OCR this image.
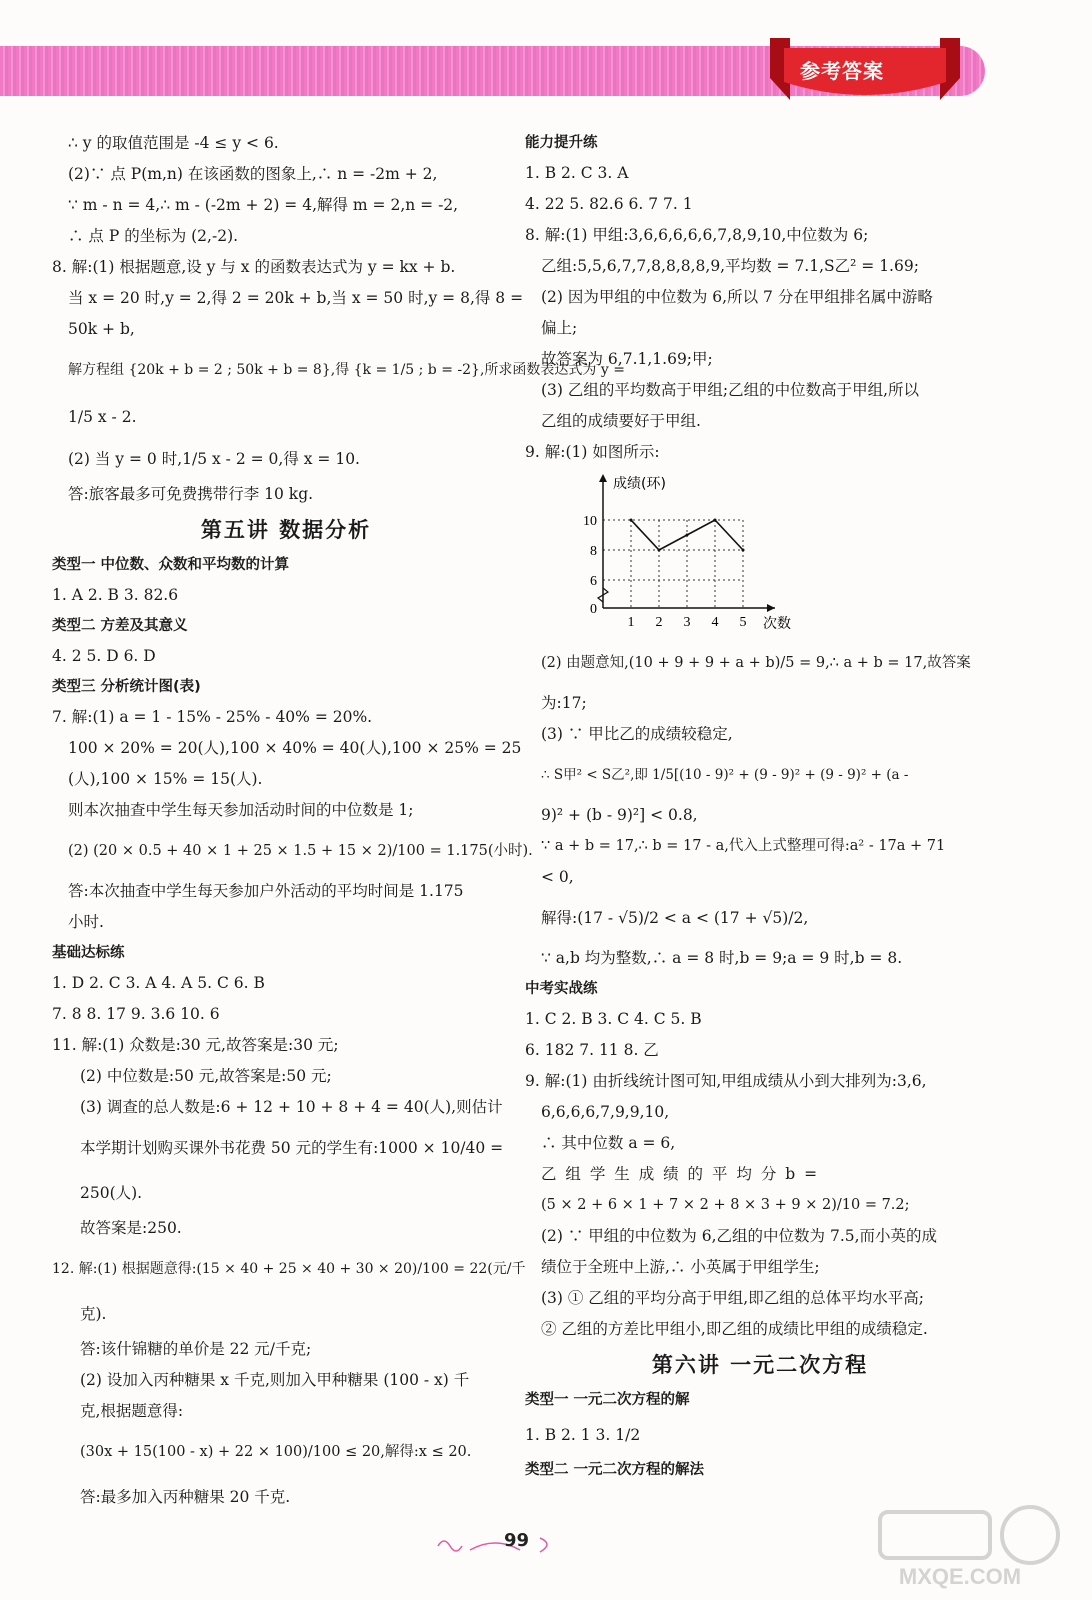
参考答案
∴ y 的取值范围是 -4 ≤ y < 6.
(2)∵ 点 P(m,n) 在该函数的图象上,∴ n = -2m + 2,
∵ m - n = 4,∴ m - (-2m + 2) = 4,解得 m = 2,n = -2,
∴ 点 P 的坐标为 (2,-2).
8. 解:(1) 根据题意,设 y 与 x 的函数表达式为 y = kx + b.
当 x = 20 时,y = 2,得 2 = 20k + b,当 x = 50 时,y = 8,得 8 =
50k + b,
解方程组 {20k + b = 2 ; 50k + b = 8},得 {k = 1/5 ; b = -2},所求函数表达式为 y =
1/5 x - 2.
(2) 当 y = 0 时,1/5 x - 2 = 0,得 x = 10.
答:旅客最多可免费携带行李 10 kg.
第五讲 数据分析
类型一 中位数、众数和平均数的计算
1. A 2. B 3. 82.6
类型二 方差及其意义
4. 2 5. D 6. D
类型三 分析统计图(表)
7. 解:(1) a = 1 - 15% - 25% - 40% = 20%.
100 × 20% = 20(人),100 × 40% = 40(人),100 × 25% = 25
(人),100 × 15% = 15(人).
则本次抽查中学生每天参加活动时间的中位数是 1;
(2) (20 × 0.5 + 40 × 1 + 25 × 1.5 + 15 × 2)/100 = 1.175(小时).
答:本次抽查中学生每天参加户外活动的平均时间是 1.175
小时.
基础达标练
1. D 2. C 3. A 4. A 5. C 6. B
7. 8 8. 17 9. 3.6 10. 6
11. 解:(1) 众数是:30 元,故答案是:30 元;
(2) 中位数是:50 元,故答案是:50 元;
(3) 调查的总人数是:6 + 12 + 10 + 8 + 4 = 40(人),则估计
本学期计划购买课外书花费 50 元的学生有:1000 × 10/40 =
250(人).
故答案是:250.
12. 解:(1) 根据题意得:(15 × 40 + 25 × 40 + 30 × 20)/100 = 22(元/千
克).
答:该什锦糖的单价是 22 元/千克;
(2) 设加入丙种糖果 x 千克,则加入甲种糖果 (100 - x) 千
克,根据题意得:
(30x + 15(100 - x) + 22 × 100)/100 ≤ 20,解得:x ≤ 20.
答:最多加入丙种糖果 20 千克.
能力提升练
1. B 2. C 3. A
4. 22 5. 82.6 6. 7 7. 1
8. 解:(1) 甲组:3,6,6,6,6,6,7,8,9,10,中位数为 6;
乙组:5,5,6,7,7,8,8,8,8,9,平均数 = 7.1,S乙² = 1.69;
(2) 因为甲组的中位数为 6,所以 7 分在甲组排名属中游略
偏上;
故答案为 6,7.1,1.69;甲;
(3) 乙组的平均数高于甲组;乙组的中位数高于甲组,所以
乙组的成绩要好于甲组.
9. 解:(1) 如图所示:
0
6
8
10
1 2 3 4 5
成绩(环)
次数
(2) 由题意知,(10 + 9 + 9 + a + b)/5 = 9,∴ a + b = 17,故答案
为:17;
(3) ∵ 甲比乙的成绩较稳定,
∴ S甲² < S乙²,即 1/5[(10 - 9)² + (9 - 9)² + (9 - 9)² + (a -
9)² + (b - 9)²] < 0.8,
∵ a + b = 17,∴ b = 17 - a,代入上式整理可得:a² - 17a + 71
< 0,
解得:(17 - √5)/2 < a < (17 + √5)/2,
∵ a,b 均为整数,∴ a = 8 时,b = 9;a = 9 时,b = 8.
中考实战练
1. C 2. B 3. C 4. C 5. B
6. 182 7. 11 8. 乙
9. 解:(1) 由折线统计图可知,甲组成绩从小到大排列为:3,6,
6,6,6,6,7,9,9,10,
∴ 其中位数 a = 6,
乙 组 学 生 成 绩 的 平 均 分 b =
(5 × 2 + 6 × 1 + 7 × 2 + 8 × 3 + 9 × 2)/10 = 7.2;
(2) ∵ 甲组的中位数为 6,乙组的中位数为 7.5,而小英的成
绩位于全班中上游,∴ 小英属于甲组学生;
(3) ① 乙组的平均分高于甲组,即乙组的总体平均水平高;
② 乙组的方差比甲组小,即乙组的成绩比甲组的成绩稳定.
第六讲 一元二次方程
类型一 一元二次方程的解
1. B 2. 1 3. 1/2
类型二 一元二次方程的解法
99
MXQE.COM
